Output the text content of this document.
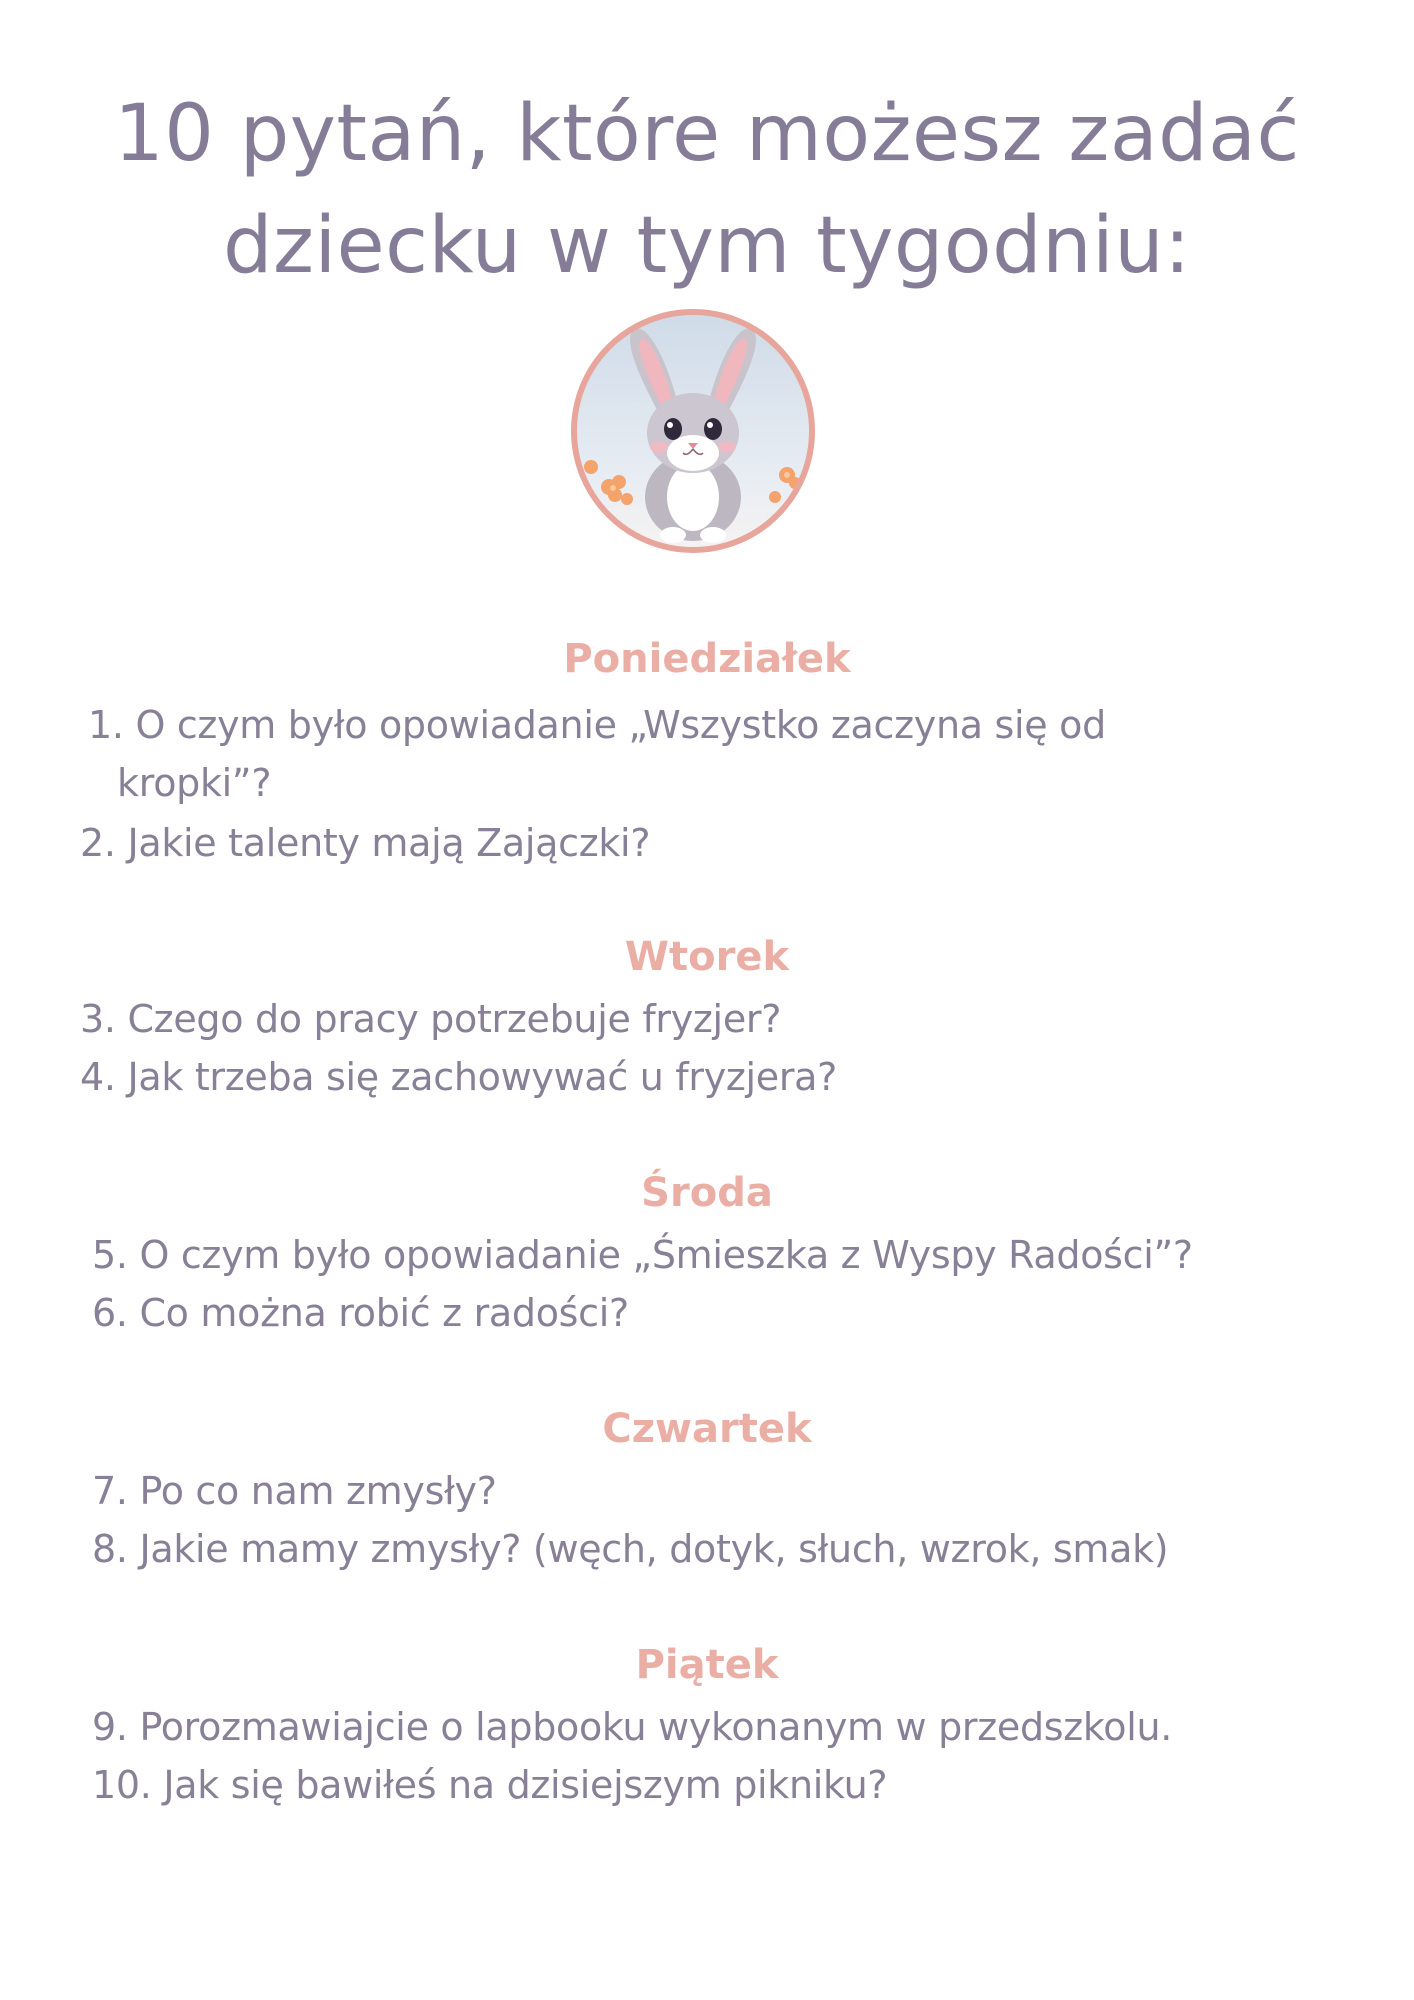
10 pytań, które możesz zadać
dziecku w tym tygodniu:
Poniedziałek
1. O czym było opowiadanie „Wszystko zaczyna się od
kropki”?
2. Jakie talenty mają Zajączki?
Wtorek
3. Czego do pracy potrzebuje fryzjer?
4. Jak trzeba się zachowywać u fryzjera?
Środa
5. O czym było opowiadanie „Śmieszka z Wyspy Radości”?
6. Co można robić z radości?
Czwartek
7. Po co nam zmysły?
8. Jakie mamy zmysły? (węch, dotyk, słuch, wzrok, smak)
Piątek
9. Porozmawiajcie o lapbooku wykonanym w przedszkolu.
10. Jak się bawiłeś na dzisiejszym pikniku?
